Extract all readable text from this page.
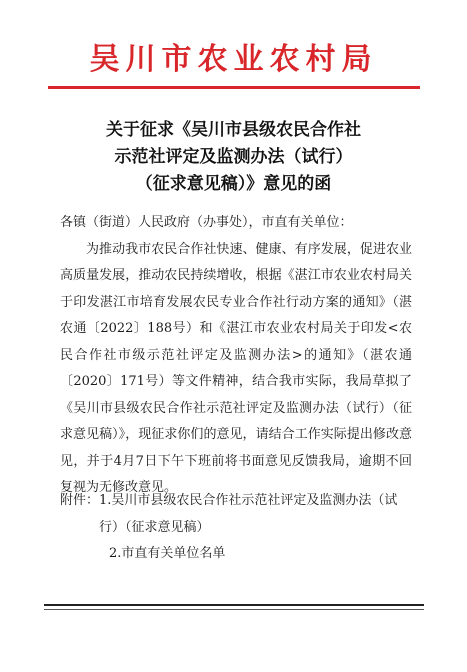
吴川市农业农村局
关于征求《吴川市县级农民合作社
示范社评定及监测办法（试行）
（征求意见稿）》意见的函
各镇（街道）人民政府（办事处），市直有关单位：
为推动我市农民合作社快速、健康、有序发展，促进农业高质量发展，推动农民持续增收，根据《湛江市农业农村局关于印发湛江市培育发展农民专业合作社行动方案的通知》（湛农通〔2022〕188号）和《湛江市农业农村局关于印发<农民合作社市级示范社评定及监测办法>的通知》（湛农通〔2020〕171号）等文件精神，结合我市实际，我局草拟了《吴川市县级农民合作社示范社评定及监测办法（试行）（征求意见稿）》，现征求你们的意见，请结合工作实际提出修改意见，并于4月7日下午下班前将书面意见反馈我局，逾期不回复视为无修改意见。
附件： 1.吴川市县级农民合作社示范社评定及监测办法（试行）（征求意见稿）
2.市直有关单位名单
